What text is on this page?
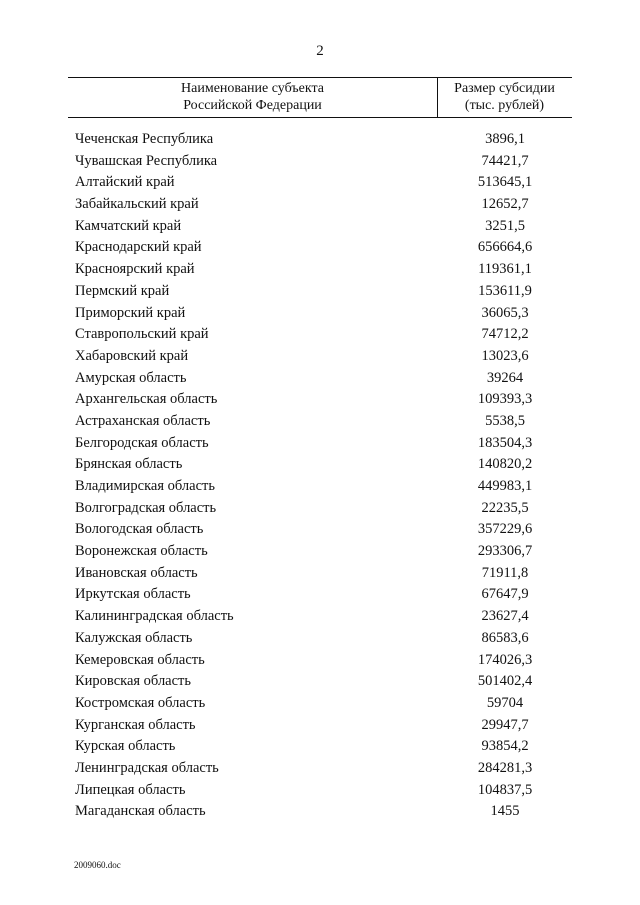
2
Наименование субъекта
Российской Федерации
Размер субсидии
(тыс. рублей)
Чеченская Республика	3896,1
Чувашская Республика	74421,7
Алтайский край	513645,1
Забайкальский край	12652,7
Камчатский край	3251,5
Краснодарский край	656664,6
Красноярский край	119361,1
Пермский край	153611,9
Приморский край	36065,3
Ставропольский край	74712,2
Хабаровский край	13023,6
Амурская область	39264
Архангельская область	109393,3
Астраханская область	5538,5
Белгородская область	183504,3
Брянская область	140820,2
Владимирская область	449983,1
Волгоградская область	22235,5
Вологодская область	357229,6
Воронежская область	293306,7
Ивановская область	71911,8
Иркутская область	67647,9
Калининградская область	23627,4
Калужская область	86583,6
Кемеровская область	174026,3
Кировская область	501402,4
Костромская область	59704
Курганская область	29947,7
Курская область	93854,2
Ленинградская область	284281,3
Липецкая область	104837,5
Магаданская область	1455
2009060.doc
